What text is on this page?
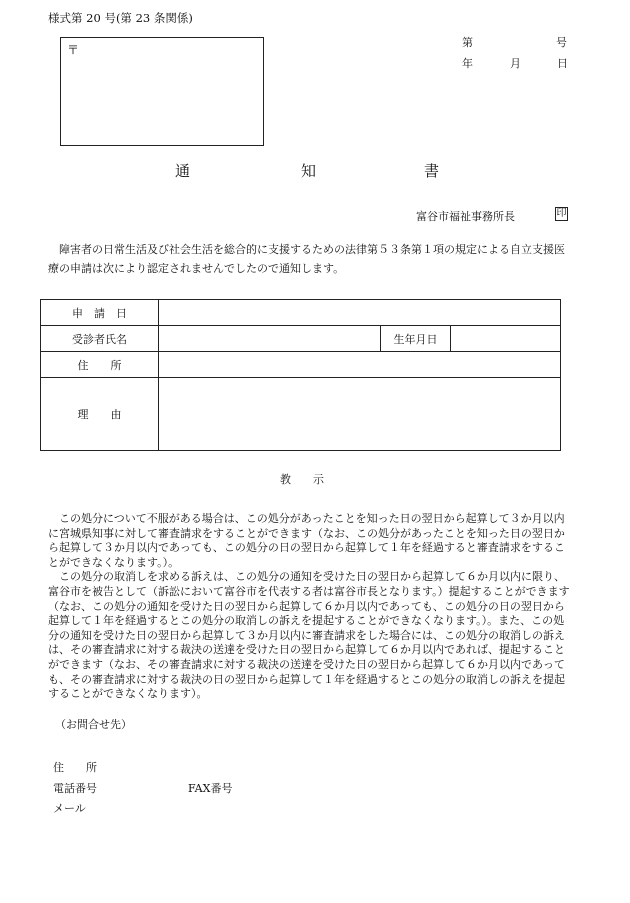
様式第 20 号(第 23 条関係)
〒
第	号
年	月	日
通	知	書
富谷市福祉事務所長	印

障害者の日常生活及び社会生活を総合的に支援するための法律第５３条第１項の規定による自立支援医療の申請は次により認定されませんでしたので通知します。

申　請　日			
受診者氏名		生年月日	
住　　所			
理　　由			
教　　示

この処分について不服がある場合は、この処分があったことを知った日の翌日から起算して３か月以内に宮城県知事に対して審査請求をすることができます（なお、この処分があったことを知った日の翌日から起算して３か月以内であっても、この処分の日の翌日から起算して１年を経過すると審査請求をすることができなくなります。）。

この処分の取消しを求める訴えは、この処分の通知を受けた日の翌日から起算して６か月以内に限り、富谷市を被告として（訴訟において富谷市を代表する者は富谷市長となります。）提起することができます（なお、この処分の通知を受けた日の翌日から起算して６か月以内であっても、この処分の日の翌日から起算して１年を経過するとこの処分の取消しの訴えを提起することができなくなります。）。また、この処分の通知を受けた日の翌日から起算して３か月以内に審査請求をした場合には、この処分の取消しの訴えは、その審査請求に対する裁決の送達を受けた日の翌日から起算して６か月以内であれば、提起することができます（なお、その審査請求に対する裁決の送達を受けた日の翌日から起算して６か月以内であっても、その審査請求に対する裁決の日の翌日から起算して１年を経過するとこの処分の取消しの訴えを提起することができなくなります）。

（お問合せ先）
住　　所
電話番号	FAX番号
メール
